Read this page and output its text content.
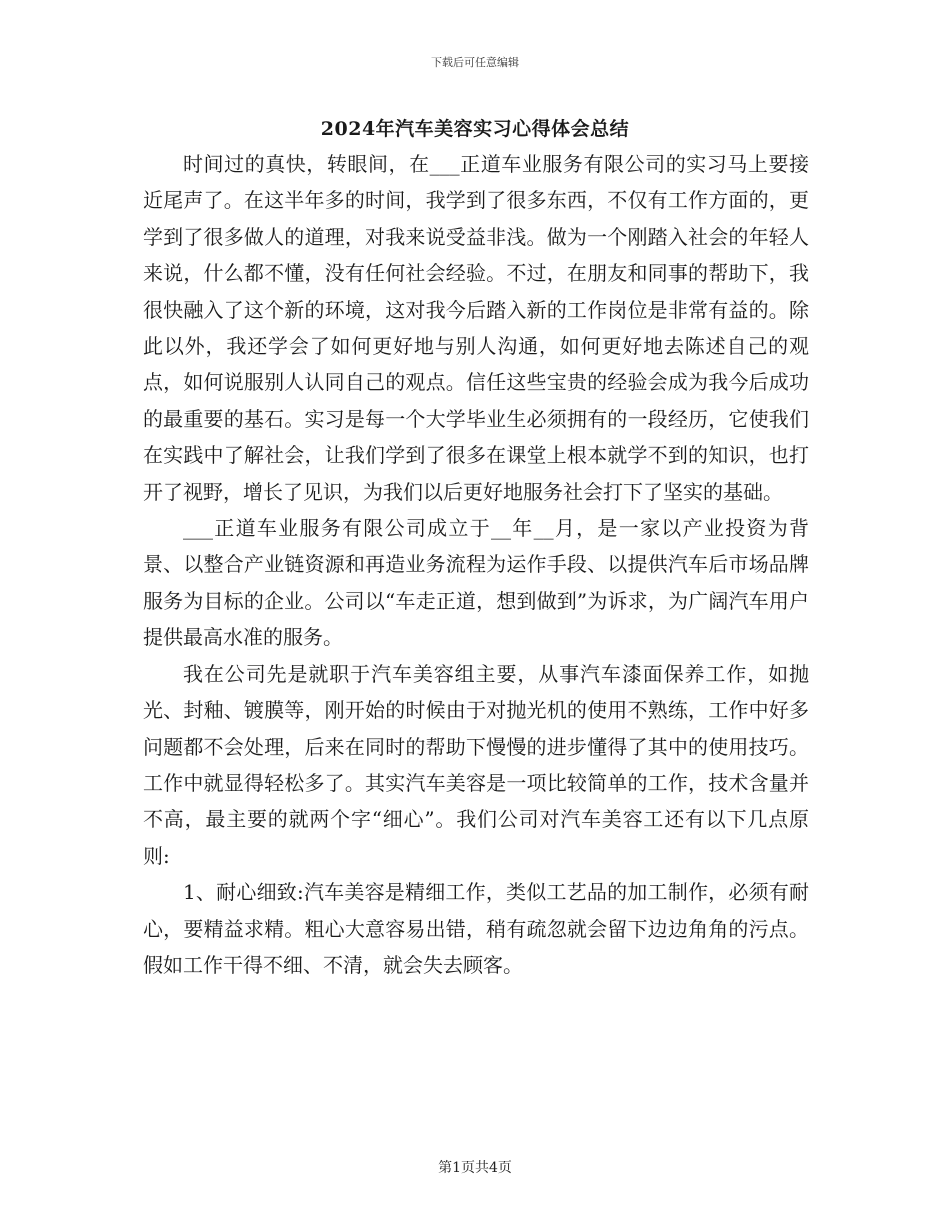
下载后可任意编辑
2024年汽车美容实习心得体会总结

时间过的真快，转眼间，在___正道车业服务有限公司的实习马上要接近尾声了。在这半年多的时间，我学到了很多东西，不仅有工作方面的，更学到了很多做人的道理，对我来说受益非浅。做为一个刚踏入社会的年轻人来说，什么都不懂，没有任何社会经验。不过，在朋友和同事的帮助下，我很快融入了这个新的环境，这对我今后踏入新的工作岗位是非常有益的。除此以外，我还学会了如何更好地与别人沟通，如何更好地去陈述自己的观点，如何说服别人认同自己的观点。信任这些宝贵的经验会成为我今后成功的最重要的基石。实习是每一个大学毕业生必须拥有的一段经历，它使我们在实践中了解社会，让我们学到了很多在课堂上根本就学不到的知识，也打开了视野，增长了见识，为我们以后更好地服务社会打下了坚实的基础。

___正道车业服务有限公司成立于__年__月，是一家以产业投资为背景、以整合产业链资源和再造业务流程为运作手段、以提供汽车后市场品牌服务为目标的企业。公司以“车走正道，想到做到”为诉求，为广阔汽车用户提供最高水准的服务。

我在公司先是就职于汽车美容组主要，从事汽车漆面保养工作，如抛光、封釉、镀膜等，刚开始的时候由于对抛光机的使用不熟练，工作中好多问题都不会处理，后来在同时的帮助下慢慢的进步懂得了其中的使用技巧。工作中就显得轻松多了。其实汽车美容是一项比较简单的工作，技术含量并不高，最主要的就两个字“细心”。我们公司对汽车美容工还有以下几点原则:

1、耐心细致:汽车美容是精细工作，类似工艺品的加工制作，必须有耐心，要精益求精。粗心大意容易出错，稍有疏忽就会留下边边角角的污点。假如工作干得不细、不清，就会失去顾客。

第1页共4页
